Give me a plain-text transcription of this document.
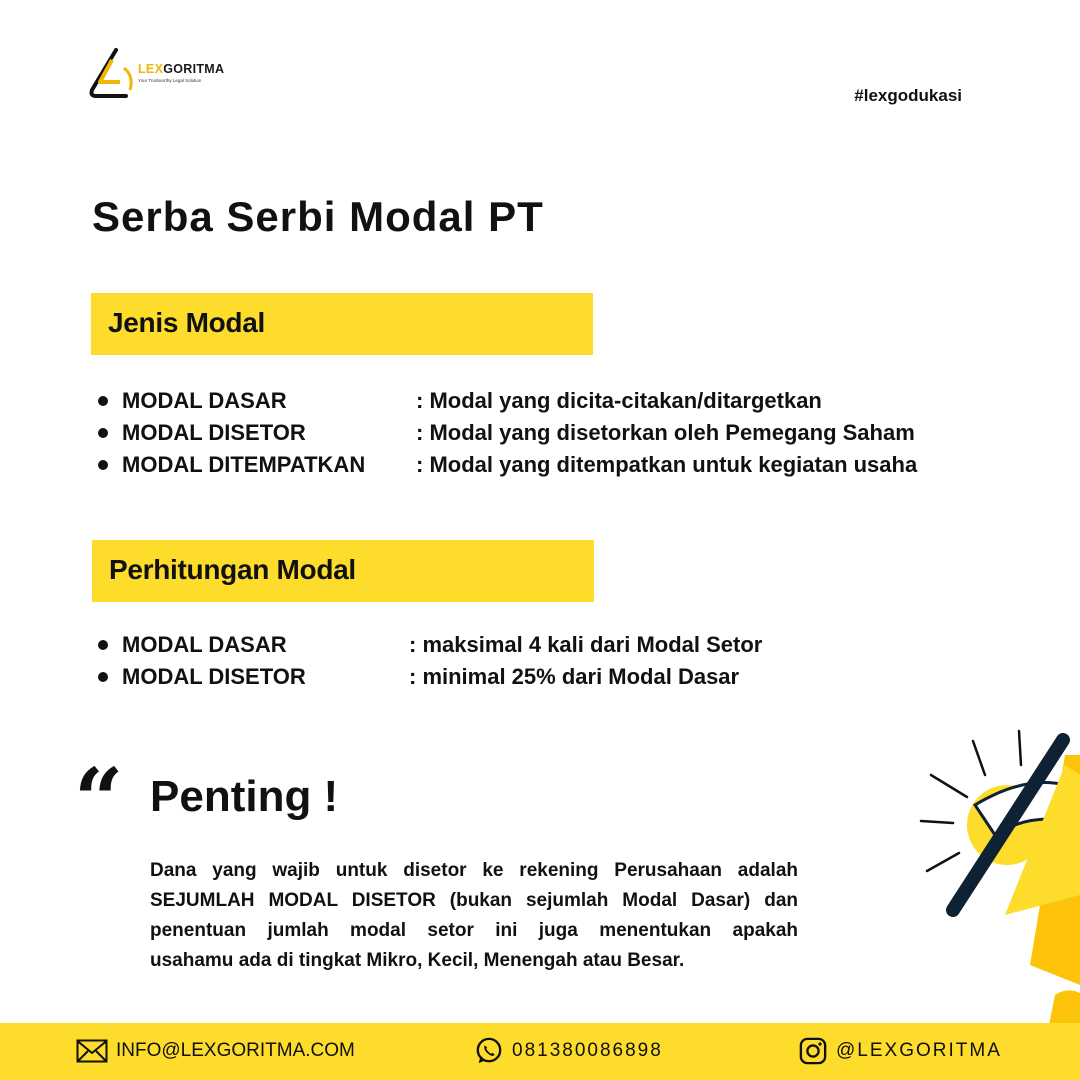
LEXGORITMA
Your Trustworthy Legal Solution
#lexgodukasi
Serba Serbi Modal PT
Jenis Modal
MODAL DASAR	: Modal yang dicita-citakan/ditargetkan
MODAL DISETOR	: Modal yang disetorkan oleh Pemegang Saham
MODAL DITEMPATKAN : Modal yang ditempatkan untuk kegiatan usaha
Perhitungan Modal
MODAL DASAR	: maksimal 4 kali dari Modal Setor
MODAL DISETOR	: minimal 25% dari Modal Dasar
“ Penting !
Dana yang wajib untuk disetor ke rekening Perusahaan adalah
SEJUMLAH MODAL DISETOR (bukan sejumlah Modal Dasar) dan
penentuan jumlah modal setor ini juga menentukan apakah
usahamu ada di tingkat Mikro, Kecil, Menengah atau Besar.
INFO@LEXGORITMA.COM	081380086898	@LEXGORITMA
